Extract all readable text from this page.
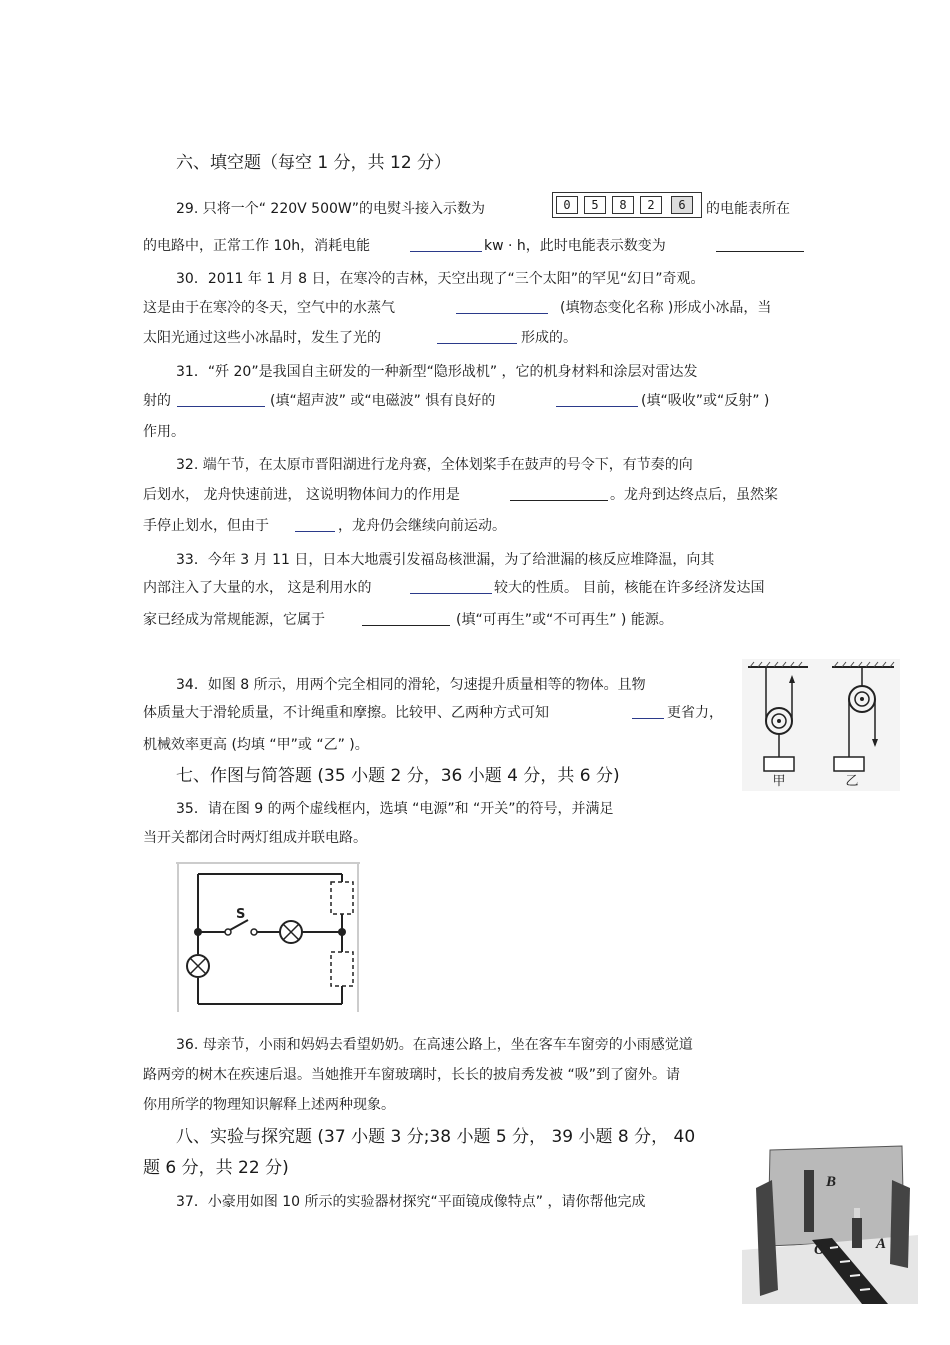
六、填空题（每空 1 分，共 12 分）
29. 只将一个“ 220V 500W”的电熨斗接入示数为	0	5	8	2	6	的电能表所在
的电路中，正常工作 10h，消耗电能	kw · h，此时电能表示数变为
30．2011 年 1 月 8 日，在寒冷的吉林，天空出现了“三个太阳”的罕见“幻日”奇观。
这是由于在寒冷的冬天，空气中的水蒸气	(填物态变化名称 )形成小冰晶，当
太阳光通过这些小冰晶时，发生了光的	形成的。
31．“歼 20”是我国自主研发的一种新型“隐形战机” ，它的机身材料和涂层对雷达发
射的	(填“超声波” 或“电磁波” 惧有良好的	(填“吸收”或“反射” )
作用。
32. 端午节，在太原市晋阳湖进行龙舟赛，全体划桨手在鼓声的号令下，有节奏的向
后划水， 龙舟快速前进， 这说明物体间力的作用是	。龙舟到达终点后，虽然桨
手停止划水，但由于	，龙舟仍会继续向前运动。
33．今年 3 月 11 日，日本大地震引发福岛核泄漏，为了给泄漏的核反应堆降温，向其
内部注入了大量的水， 这是利用水的	较大的性质。 目前，核能在许多经济发达国
家已经成为常规能源，它属于	(填“可再生”或“不可再生” ) 能源。
34．如图 8 所示，用两个完全相同的滑轮，匀速提升质量相等的物体。且物
体质量大于滑轮质量，不计绳重和摩擦。比较甲、乙两种方式可知	更省力，
机械效率更高 (均填 “甲”或 “乙” )。
甲	乙
七、作图与简答题 (35 小题 2 分，36 小题 4 分，共 6 分)
35．请在图 9 的两个虚线框内，选填 “电源”和 “开关”的符号，并满足
当开关都闭合时两灯组成并联电路。
S
36. 母亲节，小雨和妈妈去看望奶奶。在高速公路上，坐在客车车窗旁的小雨感觉道
路两旁的树木在疾速后退。当她推开车窗玻璃时，长长的披肩秀发被 “吸”到了窗外。请
你用所学的物理知识解释上述两种现象。
八、实验与探究题 (37 小题 3 分;38 小题 5 分， 39 小题 8 分， 40
题 6 分，共 22 分)
37．小豪用如图 10 所示的实验器材探究“平面镜成像特点” ，请你帮他完成
B
O	A
